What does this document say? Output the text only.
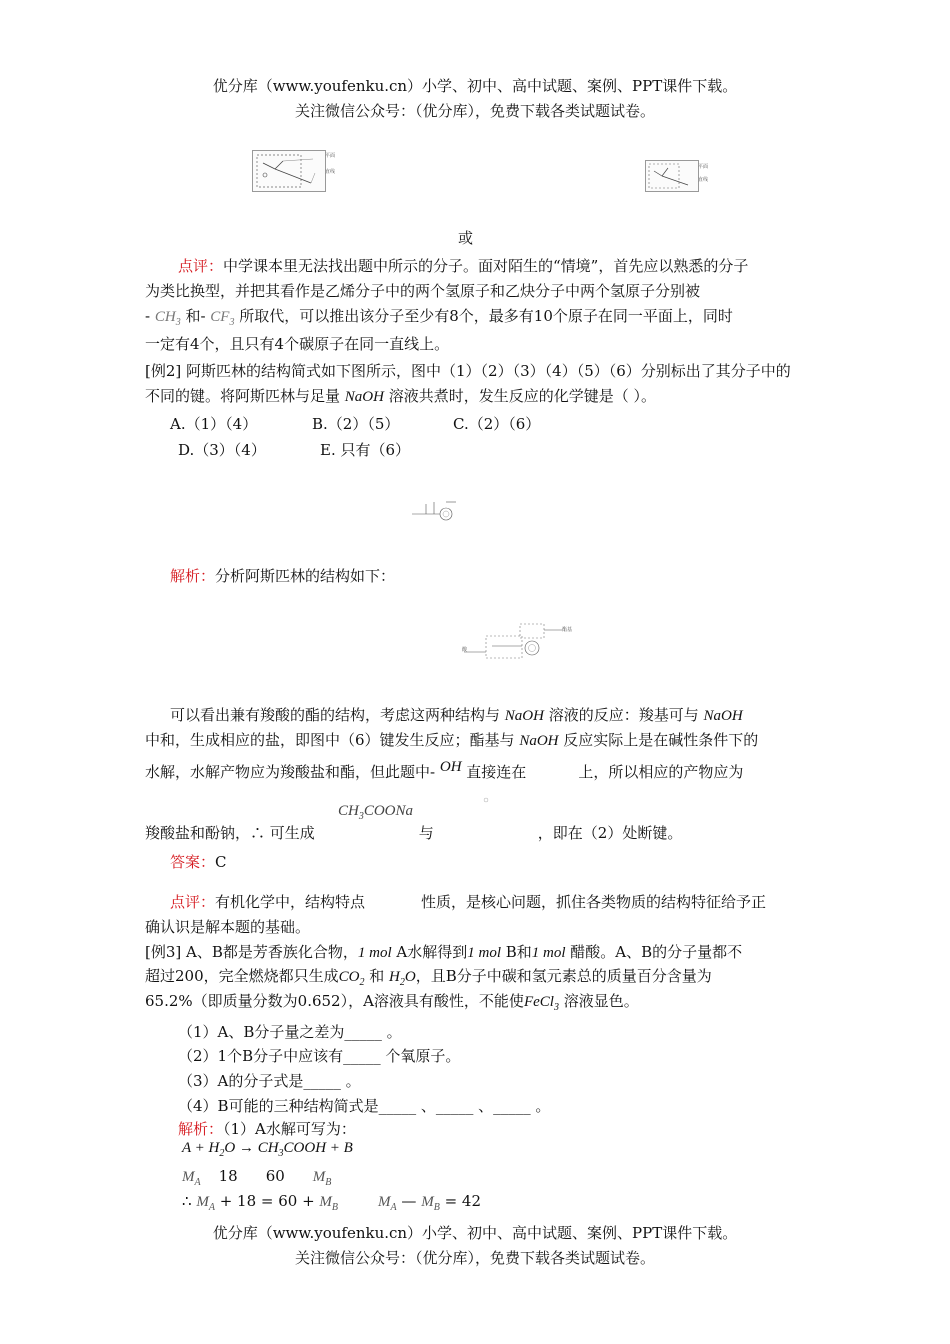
优分库（www.youfenku.cn）小学、初中、高中试题、案例、PPT课件下载。
关注微信公众号：（优分库），免费下载各类试题试卷。
平面
直线
平面
直线
或
点评：中学课本里无法找出题中所示的分子。面对陌生的“情境”，首先应以熟悉的分子
为类比换型，并把其看作是乙烯分子中的两个氢原子和乙炔分子中两个氢原子分别被
- $CH_3$ 和- $CF_3$ 所取代，可以推出该分子至少有8个，最多有10个原子在同一平面上，同时
一定有4个，且只有4个碳原子在同一直线上。
[例2] 阿斯匹林的结构简式如下图所示，图中（1）（2）（3）（4）（5）（6）分别标出了其分子中的
不同的键。将阿斯匹林与足量 NaOH 溶液共煮时，发生反应的化学键是（ ）。
A.（1）（4）	B.（2）（5）	C.（2）（6）
D.（3）（4）	E. 只有（6）
解析：分析阿斯匹林的结构如下：
酸
酯基
可以看出兼有羧酸的酯的结构，考虑这两种结构与 NaOH 溶液的反应：羧基可与 NaOH
中和，生成相应的盐，即图中（6）键发生反应；酯基与 NaOH 反应实际上是在碱性条件下的
水解，水解产物应为羧酸盐和酯，但此题中- OH 直接连在	上，所以相应的产物应为
$CH_3COONa$
羧酸盐和酚钠，∴ 可生成	与	，即在（2）处断键。
答案：C
点评：有机化学中，结构特点	性质，是核心问题，抓住各类物质的结构特征给予正
确认识是解本题的基础。
[例3] A、B都是芳香族化合物，1 mol A水解得到1 mol B和1 mol 醋酸。A、B的分子量都不
超过200，完全燃烧都只生成$CO_2$ 和 $H_2O$，且B分子中碳和氢元素总的质量百分含量为
65.2%（即质量分数为0.652），A溶液具有酸性，不能使FeCl$_3$ 溶液显色。
（1）A、B分子量之差为_____ 。
（2）1个B分子中应该有_____ 个氧原子。
（3）A的分子式是_____ 。
（4）B可能的三种结构简式是_____ 、_____ 、_____ 。
解析：（1）A水解可写为：
$A + H_2O$ → $CH_3COOH + B$
$M_A$ 18 60 $M_B$
∴ $M_A + 18 = 60 + M_B$	$M_A$ — $M_B = 42$
优分库（www.youfenku.cn）小学、初中、高中试题、案例、PPT课件下载。
关注微信公众号：（优分库），免费下载各类试题试卷。
